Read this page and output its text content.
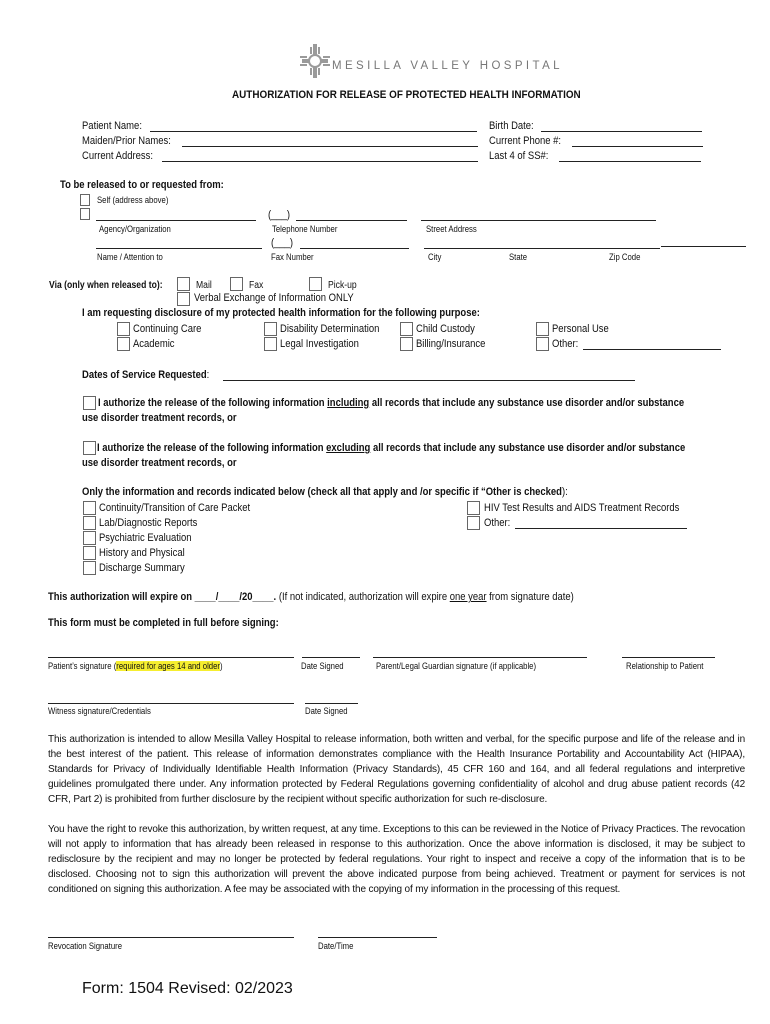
MESILLA VALLEY HOSPITAL
AUTHORIZATION FOR RELEASE OF PROTECTED HEALTH INFORMATION
Patient Name:
Maiden/Prior Names:
Current Address:
Birth Date:
Current Phone #:
Last 4 of SS#:
To be released to or requested from:
Self (address above)
(___)
Agency/Organization	Telephone Number	Street Address
(___)
Name / Attention to	Fax Number	City	State	Zip Code
Via (only when released to):	Mail	Fax	Pick-up
Verbal Exchange of Information ONLY
I am requesting disclosure of my protected health information for the following purpose:
Continuing Care
Academic
Disability Determination
Legal Investigation
Child Custody
Billing/Insurance
Personal Use
Other:
Dates of Service Requested:
I authorize the release of the following information including all records that include any substance use disorder and/or substance
use disorder treatment records, or
I authorize the release of the following information excluding all records that include any substance use disorder and/or substance
use disorder treatment records, or
Only the information and records indicated below (check all that apply and /or specific if “Other is checked):
Continuity/Transition of Care Packet
Lab/Diagnostic Reports
Psychiatric Evaluation
History and Physical
Discharge Summary
HIV Test Results and AIDS Treatment Records
Other:
This authorization will expire on ____/____/20____. (If not indicated, authorization will expire one year from signature date)
This form must be completed in full before signing:
Patient’s signature (required for ages 14 and older)	Date Signed	Parent/Legal Guardian signature (if applicable)	Relationship to Patient
Witness signature/Credentials	Date Signed
This authorization is intended to allow Mesilla Valley Hospital to release information, both written and verbal, for the specific purpose and life of the release and in the best interest of the patient. This release of information demonstrates compliance with the Health Insurance Portability and Accountability Act (HIPAA), Standards for Privacy of Individually Identifiable Health Information (Privacy Standards), 45 CFR 160 and 164, and all federal regulations and interpretive guidelines promulgated there under. Any information protected by Federal Regulations governing confidentiality of alcohol and drug abuse patient records (42 CFR, Part 2) is prohibited from further disclosure by the recipient without specific authorization for such re-disclosure.
You have the right to revoke this authorization, by written request, at any time. Exceptions to this can be reviewed in the Notice of Privacy Practices. The revocation will not apply to information that has already been released in response to this authorization. Once the above information is disclosed, it may be subject to redisclosure by the recipient and may no longer be protected by federal regulations. Your right to inspect and receive a copy of the information that is to be disclosed. Choosing not to sign this authorization will prevent the above indicated purpose from being achieved. Treatment or payment for services is not conditioned on signing this authorization. A fee may be associated with the copying of my information in the processing of this request.
Revocation Signature	Date/Time
Form: 1504 Revised: 02/2023
